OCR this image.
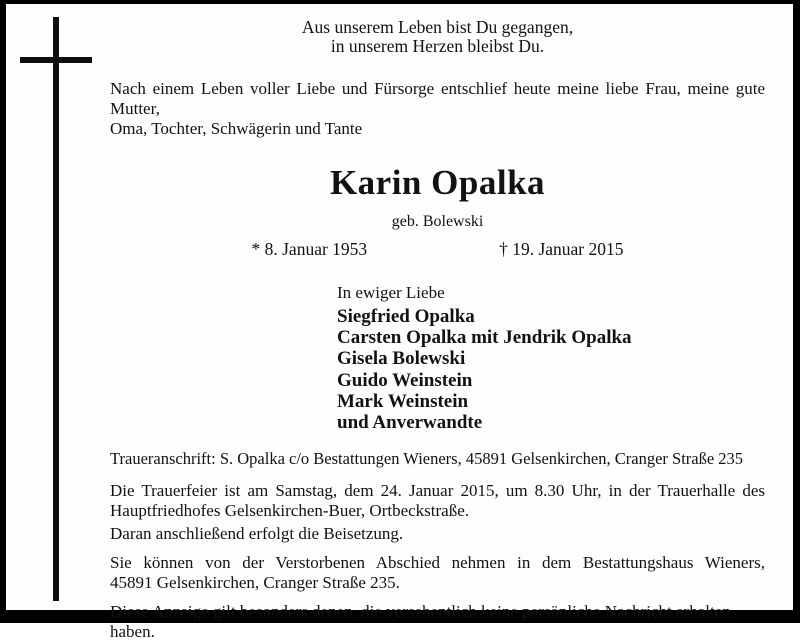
Aus unserem Leben bist Du gegangen,
in unserem Herzen bleibst Du.
Nach einem Leben voller Liebe und Fürsorge entschlief heute meine liebe Frau, meine gute Mutter,
Oma, Tochter, Schwägerin und Tante
Karin Opalka
geb. Bolewski
* 8. Januar 1953	† 19. Januar 2015
In ewiger Liebe
Siegfried Opalka
Carsten Opalka mit Jendrik Opalka
Gisela Bolewski
Guido Weinstein
Mark Weinstein
und Anverwandte

Traueranschrift: S. Opalka c/o Bestattungen Wieners, 45891 Gelsenkirchen, Cranger Straße 235

Die Trauerfeier ist am Samstag, dem 24. Januar 2015, um 8.30 Uhr, in der Trauerhalle des
Hauptfriedhofes Gelsenkirchen-Buer, Ortbeckstraße.

Daran anschließend erfolgt die Beisetzung.

Sie können von der Verstorbenen Abschied nehmen in dem Bestattungshaus Wieners,
45891 Gelsenkirchen, Cranger Straße 235.

Diese Anzeige gilt besonders denen, die versehentlich keine persönliche Nachricht erhalten haben.
